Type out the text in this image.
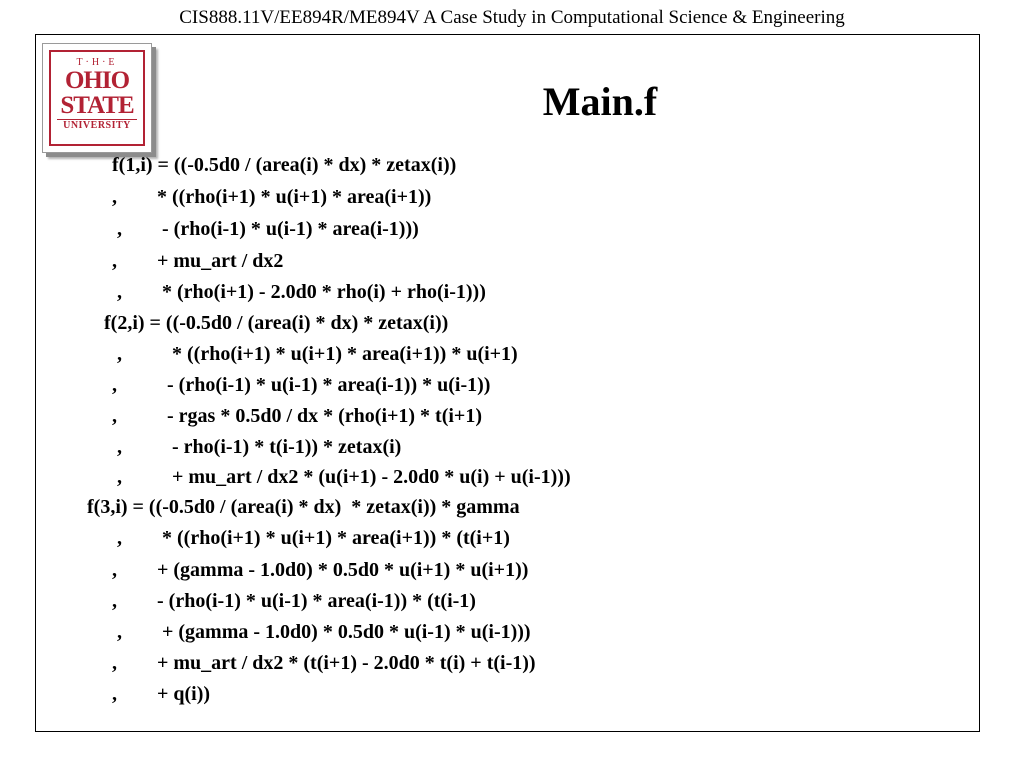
CIS888.11V/EE894R/ME894V A Case Study in Computational Science & Engineering
T·H·E
OHIO
STATE
UNIVERSITY
Main.f
f(1,i) = ((-0.5d0 / (area(i) * dx) * zetax(i))
,        * ((rho(i+1) * u(i+1) * area(i+1))
,        - (rho(i-1) * u(i-1) * area(i-1)))
,        + mu_art / dx2
,        * (rho(i+1) - 2.0d0 * rho(i) + rho(i-1)))
f(2,i) = ((-0.5d0 / (area(i) * dx) * zetax(i))
,          * ((rho(i+1) * u(i+1) * area(i+1)) * u(i+1)
,          - (rho(i-1) * u(i-1) * area(i-1)) * u(i-1))
,          - rgas * 0.5d0 / dx * (rho(i+1) * t(i+1)
,          - rho(i-1) * t(i-1)) * zetax(i)
,          + mu_art / dx2 * (u(i+1) - 2.0d0 * u(i) + u(i-1)))
f(3,i) = ((-0.5d0 / (area(i) * dx)  * zetax(i)) * gamma
,        * ((rho(i+1) * u(i+1) * area(i+1)) * (t(i+1)
,        + (gamma - 1.0d0) * 0.5d0 * u(i+1) * u(i+1))
,        - (rho(i-1) * u(i-1) * area(i-1)) * (t(i-1)
,        + (gamma - 1.0d0) * 0.5d0 * u(i-1) * u(i-1)))
,        + mu_art / dx2 * (t(i+1) - 2.0d0 * t(i) + t(i-1))
,        + q(i))
